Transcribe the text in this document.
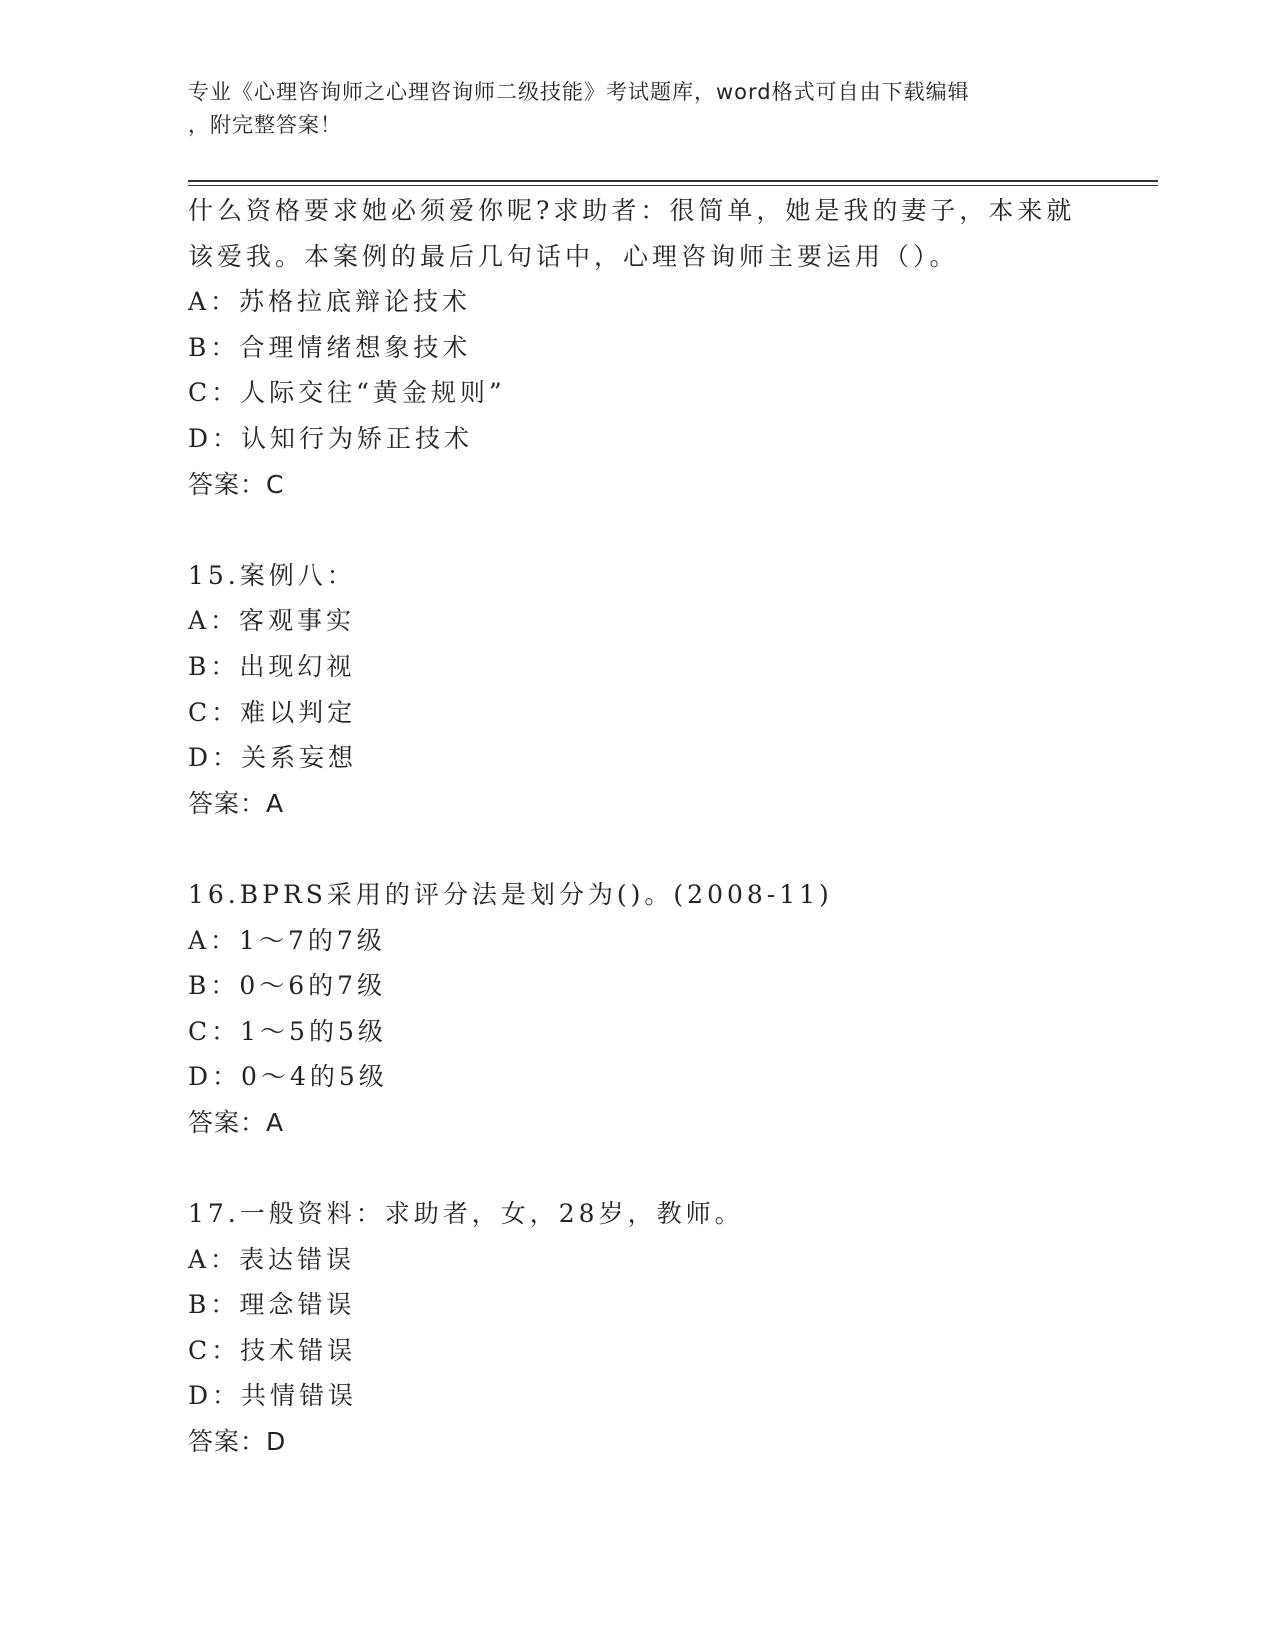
专业《心理咨询师之心理咨询师二级技能》考试题库，word格式可自由下载编辑
，附完整答案！
什么资格要求她必须爱你呢?求助者：很简单，她是我的妻子，本来就
该爱我。本案例的最后几句话中，心理咨询师主要运用（）。
A：苏格拉底辩论技术
B：合理情绪想象技术
C：人际交往“黄金规则”
D：认知行为矫正技术
答案：C
15.案例八：
A：客观事实
B：出现幻视
C：难以判定
D：关系妄想
答案：A
16.BPRS采用的评分法是划分为()。(2008-11)
A：1～7的7级
B：0～6的7级
C：1～5的5级
D：0～4的5级
答案：A
17.一般资料：求助者，女，28岁，教师。
A：表达错误
B：理念错误
C：技术错误
D：共情错误
答案：D
